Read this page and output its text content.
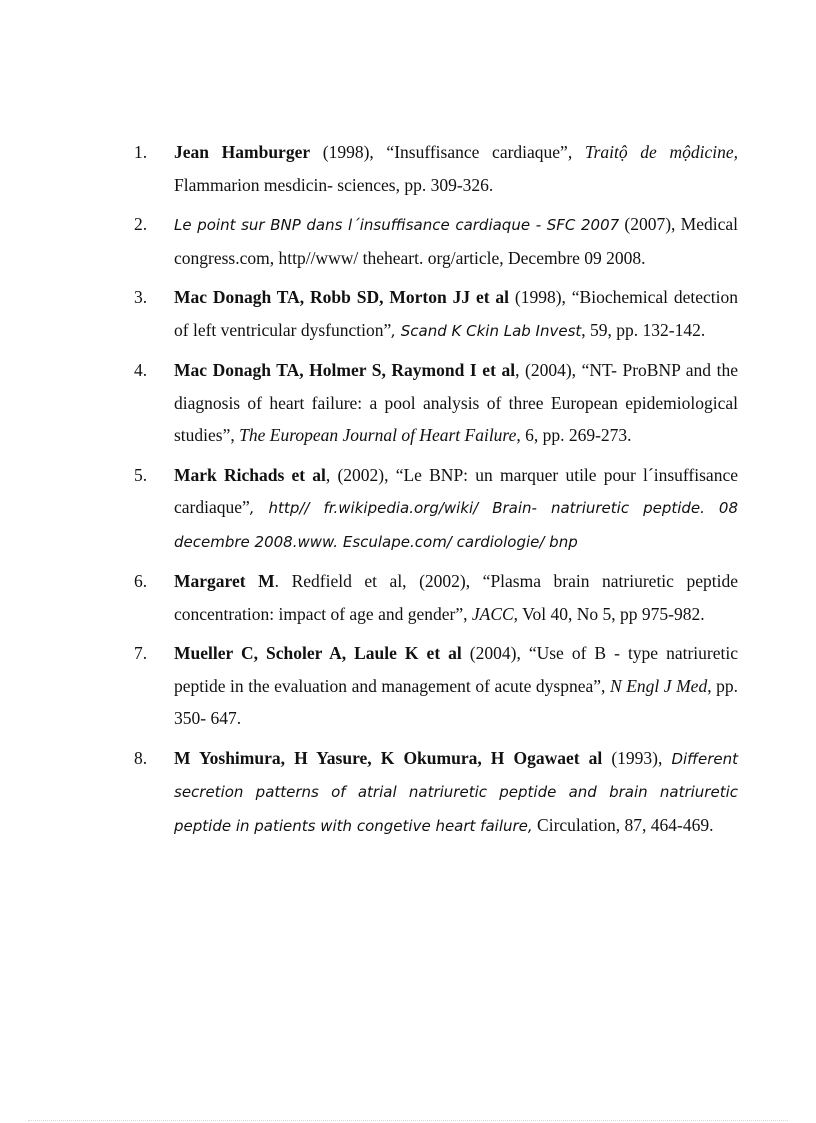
1. Jean Hamburger (1998), “Insuffisance cardiaque”, Traitộ de mộdicine, Flammarion mesdicin- sciences, pp. 309-326.
2. Le point sur BNP dans l´insuffisance cardiaque - SFC 2007 (2007), Medical congress.com, http//www/ theheart. org/article, Decembre 09 2008.
3. Mac Donagh TA, Robb SD, Morton JJ et al (1998), “Biochemical detection of left ventricular dysfunction”, Scand K Ckin Lab Invest, 59, pp. 132-142.
4. Mac Donagh TA, Holmer S, Raymond I et al, (2004), “NT- ProBNP and the diagnosis of heart failure: a pool analysis of three European epidemiological studies”, The European Journal of Heart Failure, 6, pp. 269-273.
5. Mark Richads et al, (2002), “Le BNP: un marquer utile pour l´insuffisance cardiaque”, http// fr.wikipedia.org/wiki/ Brain- natriuretic peptide. 08 decembre 2008.www. Esculape.com/ cardiologie/ bnp
6. Margaret M. Redfield et al, (2002), “Plasma brain natriuretic peptide concentration: impact of age and gender”, JACC, Vol 40, No 5, pp 975-982.
7. Mueller C, Scholer A, Laule K et al (2004), “Use of B - type natriuretic peptide in the evaluation and management of acute dyspnea”, N Engl J Med, pp. 350- 647.
8. M Yoshimura, H Yasure, K Okumura, H Ogawaet al (1993), Different secretion patterns of atrial natriuretic peptide and brain natriuretic peptide in patients with congetive heart failure, Circulation, 87, 464-469.
